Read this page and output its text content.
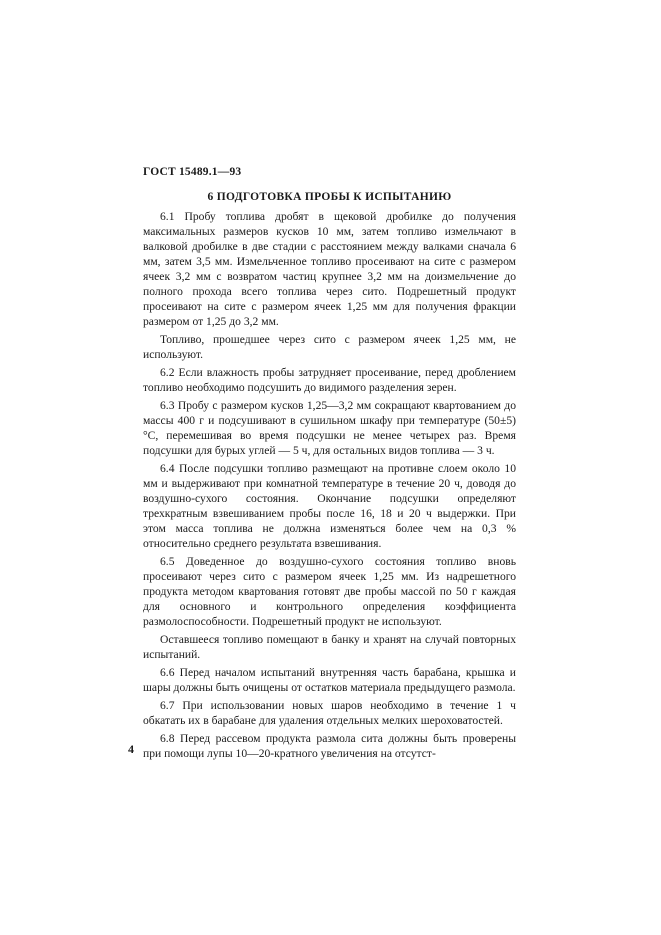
ГОСТ 15489.1—93
6 ПОДГОТОВКА ПРОБЫ К ИСПЫТАНИЮ

6.1 Пробу топлива дробят в щековой дробилке до получения максимальных размеров кусков 10 мм, затем топливо измельчают в валковой дробилке в две стадии с расстоянием между валками сначала 6 мм, затем 3,5 мм. Измельченное топливо просеивают на сите с размером ячеек 3,2 мм с возвратом частиц крупнее 3,2 мм на доизмельчение до полного прохода всего топлива через сито. Подрешетный продукт просеивают на сите с размером ячеек 1,25 мм для получения фракции размером от 1,25 до 3,2 мм.

Топливо, прошедшее через сито с размером ячеек 1,25 мм, не используют.

6.2 Если влажность пробы затрудняет просеивание, перед дроблением топливо необходимо подсушить до видимого разделения зерен.

6.3 Пробу с размером кусков 1,25—3,2 мм сокращают квартованием до массы 400 г и подсушивают в сушильном шкафу при температуре (50±5)°С, перемешивая во время подсушки не менее четырех раз. Время подсушки для бурых углей — 5 ч, для остальных видов топлива — 3 ч.

6.4 После подсушки топливо размещают на противне слоем около 10 мм и выдерживают при комнатной температуре в течение 20 ч, доводя до воздушно-сухого состояния. Окончание подсушки определяют трехкратным взвешиванием пробы после 16, 18 и 20 ч выдержки. При этом масса топлива не должна изменяться более чем на 0,3 % относительно среднего результата взвешивания.

6.5 Доведенное до воздушно-сухого состояния топливо вновь просеивают через сито с размером ячеек 1,25 мм. Из надрешетного продукта методом квартования готовят две пробы массой по 50 г каждая для основного и контрольного определения коэффициента размолоспособности. Подрешетный продукт не используют.

Оставшееся топливо помещают в банку и хранят на случай повторных испытаний.

6.6 Перед началом испытаний внутренняя часть барабана, крышка и шары должны быть очищены от остатков материала предыдущего размола.

6.7 При использовании новых шаров необходимо в течение 1 ч обкатать их в барабане для удаления отдельных мелких шероховатостей.

6.8 Перед рассевом продукта размола сита должны быть проверены при помощи лупы 10—20-кратного увеличения на отсутст-

4
